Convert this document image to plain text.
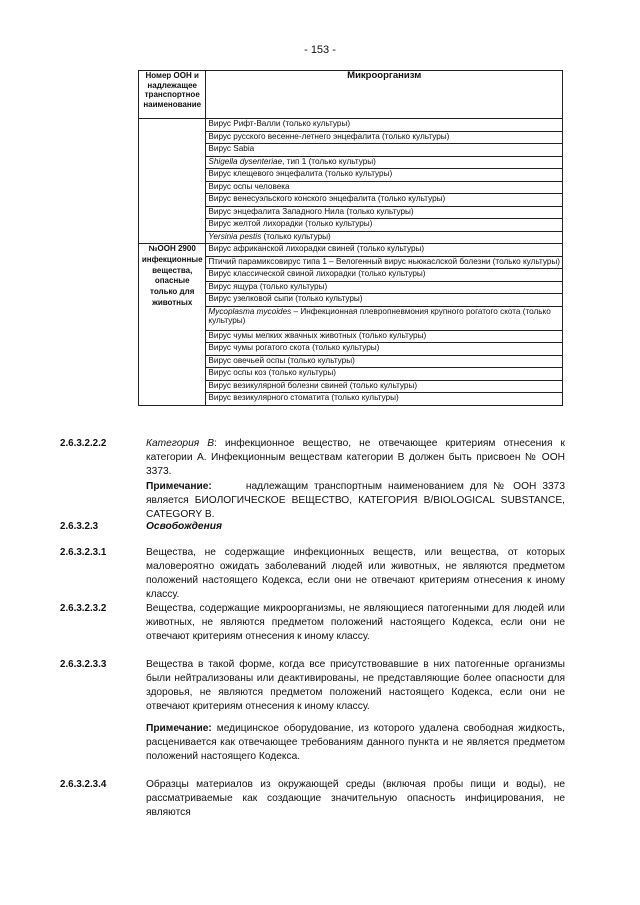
- 153 -
Номер ООН и надлежащее транспортное наименование	Микроорганизм
	Вирус Рифт-Валли (только культуры)
	Вирус русского весенне-летнего энцефалита (только культуры)
	Вирус Sabia
	Shigella dysenteriae, тип 1 (только культуры)
	Вирус клещевого энцефалита (только культуры)
	Вирус оспы человека
	Вирус венесуэльского конского энцефалита (только культуры)
	Вирус энцефалита Западного Нила (только культуры)
	Вирус желтой лихорадки (только культуры)
	Yersinia pestis (только культуры)
№ООН 2900 инфекционные вещества, опасные только для животных	Вирус африканской лихорадки свиней (только культуры)
	Птичий парамиксовирус типа 1 – Велогенный вирус ньюкаслской болезни (только культуры)
	Вирус классической свиной лихорадки (только культуры)
	Вирус ящура (только культуры)
	Вирус узелковой сыпи (только культуры)
	Mycoplasma mycoides – Инфекционная плевропневмония крупного рогатого скота (только культуры)
	Вирус чумы мелких жвачных животных (только культуры)
	Вирус чумы рогатого скота (только культуры)
	Вирус овечьей оспы (только культуры)
	Вирус оспы коз (только культуры)
	Вирус везикулярной болезни свиней (только культуры)
	Вирус везикулярного стоматита (только культуры)
2.6.3.2.2.2	Категория В: инфекционное вещество, не отвечающее критериям отнесения к категории А. Инфекционным веществам категории В должен быть присвоен № ООН 3373.
Примечание:	надлежащим транспортным наименованием для № ООН 3373 является БИОЛОГИЧЕСКОЕ ВЕЩЕСТВО, КАТЕГОРИЯ B/BIOLOGICAL SUBSTANCE, CATEGORY B.
2.6.3.2.3	Освобождения
2.6.3.2.3.1	Вещества, не содержащие инфекционных веществ, или вещества, от которых маловероятно ожидать заболеваний людей или животных, не являются предметом положений настоящего Кодекса, если они не отвечают критериям отнесения к иному классу.
2.6.3.2.3.2	Вещества, содержащие микроорганизмы, не являющиеся патогенными для людей или животных, не являются предметом положений настоящего Кодекса, если они не отвечают критериям отнесения к иному классу.
2.6.3.2.3.3	Вещества в такой форме, когда все присутствовавшие в них патогенные организмы были нейтрализованы или деактивированы, не представляющие более опасности для здоровья, не являются предметом положений настоящего Кодекса, если они не отвечают критериям отнесения к иному классу.
Примечание: медицинское оборудование, из которого удалена свободная жидкость, расценивается как отвечающее требованиям данного пункта и не является предметом положений настоящего Кодекса.
2.6.3.2.3.4	Образцы материалов из окружающей среды (включая пробы пищи и воды), не рассматриваемые как создающие значительную опасность инфицирования, не являются
